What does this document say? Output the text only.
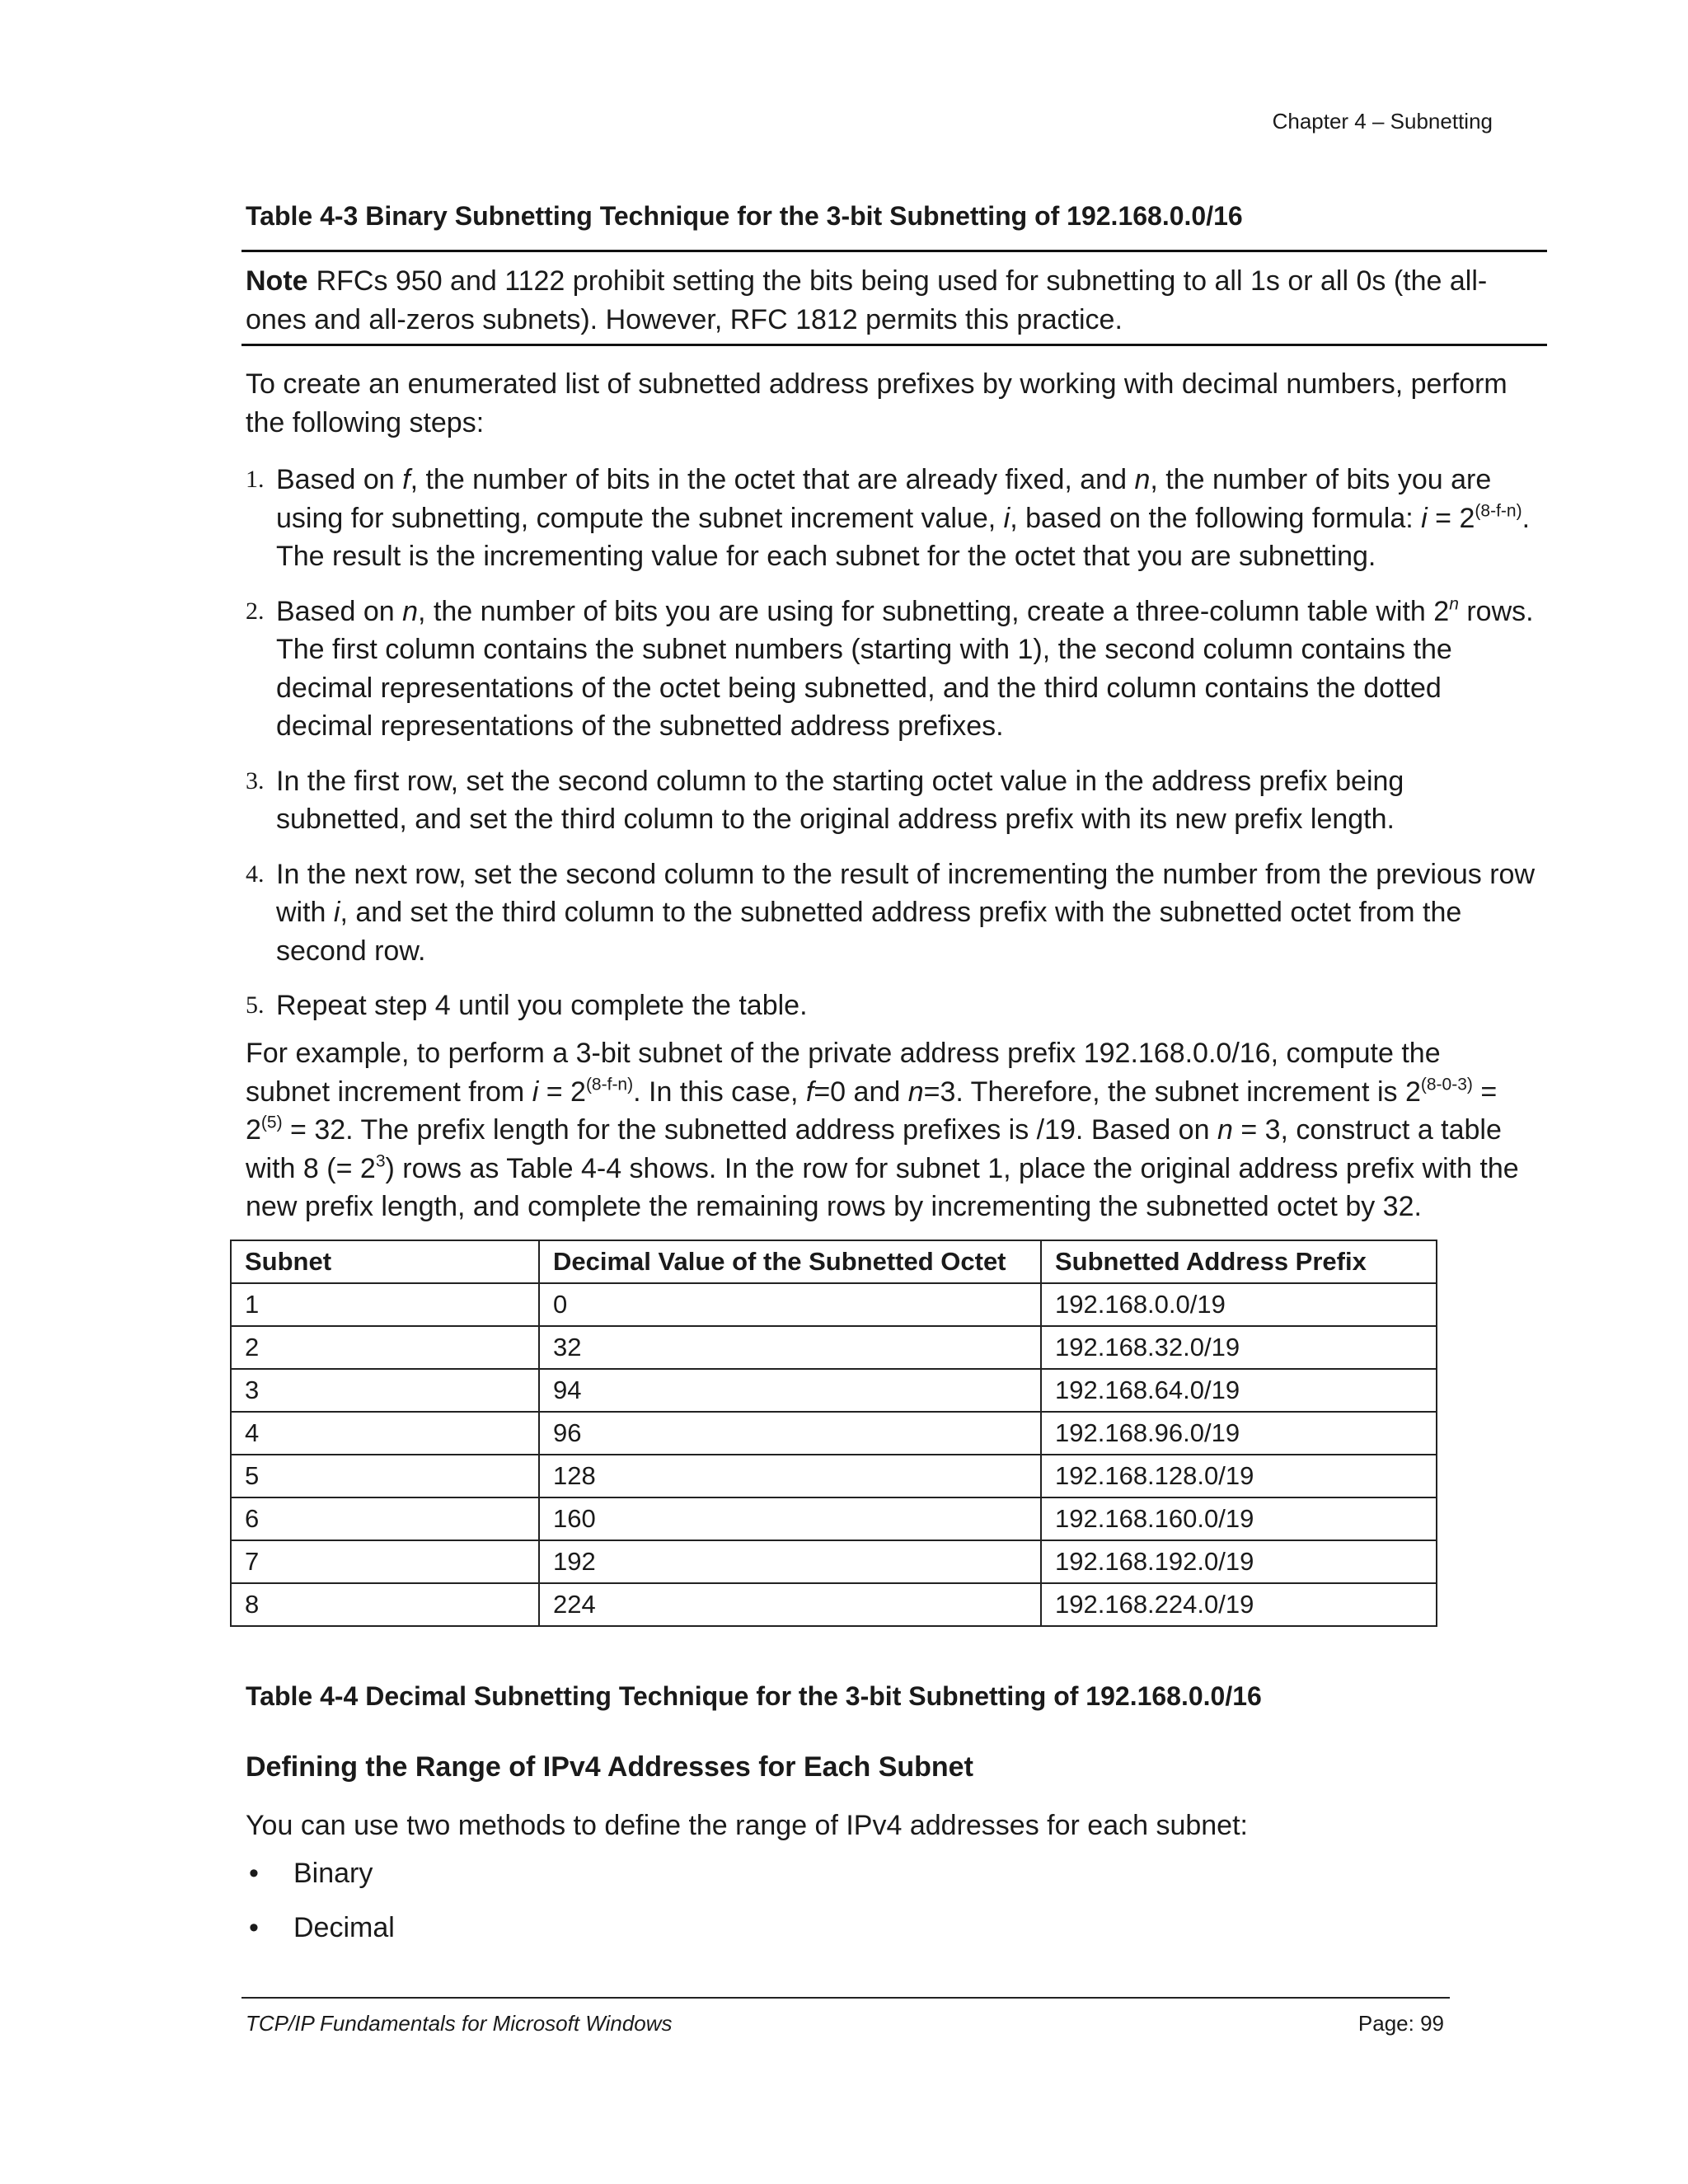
Chapter 4 – Subnetting
Table 4-3 Binary Subnetting Technique for the 3-bit Subnetting of 192.168.0.0/16
Note RFCs 950 and 1122 prohibit setting the bits being used for subnetting to all 1s or all 0s (the all-ones and all-zeros subnets). However, RFC 1812 permits this practice.
To create an enumerated list of subnetted address prefixes by working with decimal numbers, perform the following steps:
1. Based on f, the number of bits in the octet that are already fixed, and n, the number of bits you are using for subnetting, compute the subnet increment value, i, based on the following formula: $i = 2^{(8-f-n)}$. The result is the incrementing value for each subnet for the octet that you are subnetting.
2. Based on n, the number of bits you are using for subnetting, create a three-column table with 2$^n$ rows. The first column contains the subnet numbers (starting with 1), the second column contains the decimal representations of the octet being subnetted, and the third column contains the dotted decimal representations of the subnetted address prefixes.
3. In the first row, set the second column to the starting octet value in the address prefix being subnetted, and set the third column to the original address prefix with its new prefix length.
4. In the next row, set the second column to the result of incrementing the number from the previous row with i, and set the third column to the subnetted address prefix with the subnetted octet from the second row.
5. Repeat step 4 until you complete the table.
For example, to perform a 3-bit subnet of the private address prefix 192.168.0.0/16, compute the subnet increment from $i = 2^{(8-f-n)}$. In this case, f=0 and n=3. Therefore, the subnet increment is $2^{(8-0-3)} = 2^{(5)} = 32$. The prefix length for the subnetted address prefixes is /19. Based on n = 3, construct a table with 8 (= $2^3$) rows as Table 4-4 shows. In the row for subnet 1, place the original address prefix with the new prefix length, and complete the remaining rows by incrementing the subnetted octet by 32.
Subnet	Decimal Value of the Subnetted Octet	Subnetted Address Prefix
1	0	192.168.0.0/19
2	32	192.168.32.0/19
3	94	192.168.64.0/19
4	96	192.168.96.0/19
5	128	192.168.128.0/19
6	160	192.168.160.0/19
7	192	192.168.192.0/19
8	224	192.168.224.0/19
Table 4-4 Decimal Subnetting Technique for the 3-bit Subnetting of 192.168.0.0/16
Defining the Range of IPv4 Addresses for Each Subnet
You can use two methods to define the range of IPv4 addresses for each subnet:
• Binary
• Decimal
TCP/IP Fundamentals for Microsoft Windows	Page: 99
